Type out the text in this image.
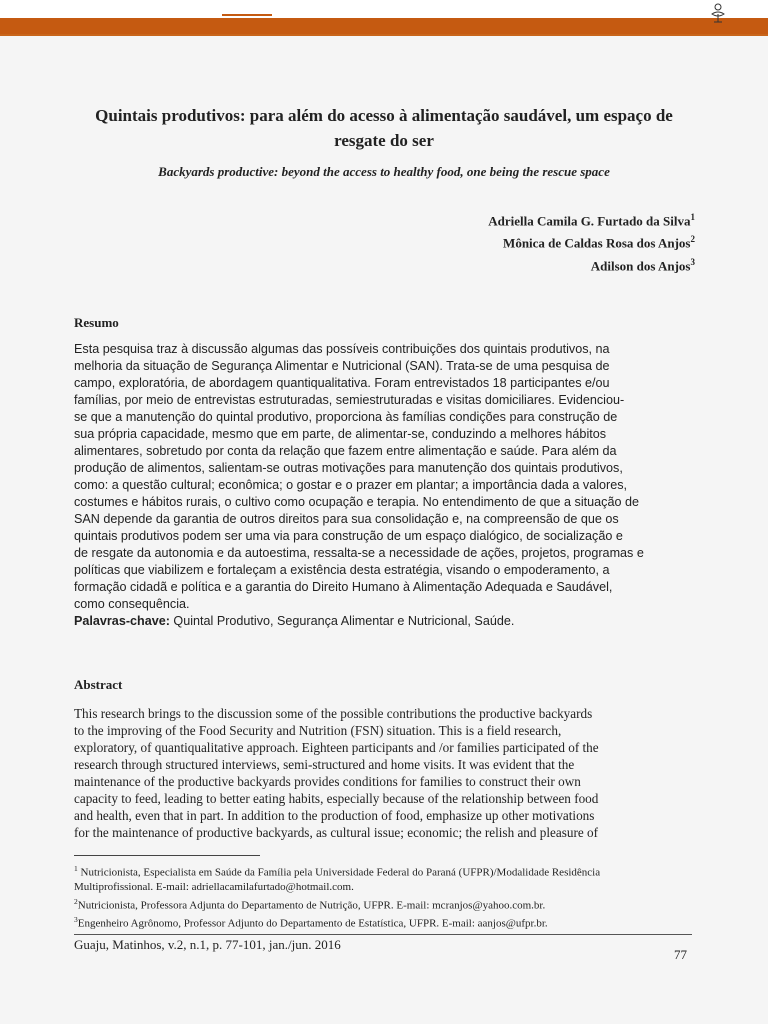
Quintais produtivos: para além do acesso à alimentação saudável, um espaço de
resgate do ser
Backyards productive: beyond the access to healthy food, one being the rescue space
Adriella Camila G. Furtado da Silva$^1$
Mônica de Caldas Rosa dos Anjos$^2$
Adilson dos Anjos$^3$
Resumo
Esta pesquisa traz à discussão algumas das possíveis contribuições dos quintais produtivos, na
melhoria da situação de Segurança Alimentar e Nutricional (SAN). Trata-se de uma pesquisa de
campo, exploratória, de abordagem quantiqualitativa. Foram entrevistados 18 participantes e/ou
famílias, por meio de entrevistas estruturadas, semiestruturadas e visitas domiciliares. Evidenciou-
se que a manutenção do quintal produtivo, proporciona às famílias condições para construção de
sua própria capacidade, mesmo que em parte, de alimentar-se, conduzindo a melhores hábitos
alimentares, sobretudo por conta da relação que fazem entre alimentação e saúde. Para além da
produção de alimentos, salientam-se outras motivações para manutenção dos quintais produtivos,
como: a questão cultural; econômica; o gostar e o prazer em plantar; a importância dada a valores,
costumes e hábitos rurais, o cultivo como ocupação e terapia. No entendimento de que a situação de
SAN depende da garantia de outros direitos para sua consolidação e, na compreensão de que os
quintais produtivos podem ser uma via para construção de um espaço dialógico, de socialização e
de resgate da autonomia e da autoestima, ressalta-se a necessidade de ações, projetos, programas e
políticas que viabilizem e fortaleçam a existência desta estratégia, visando o empoderamento, a
formação cidadã e política e a garantia do Direito Humano à Alimentação Adequada e Saudável,
como consequência.
Palavras-chave: Quintal Produtivo, Segurança Alimentar e Nutricional, Saúde.
Abstract
This research brings to the discussion some of the possible contributions the productive backyards
to the improving of the Food Security and Nutrition (FSN) situation. This is a field research,
exploratory, of quantiqualitative approach. Eighteen participants and /or families participated of the
research through structured interviews, semi-structured and home visits. It was evident that the
maintenance of the productive backyards provides conditions for families to construct their own
capacity to feed, leading to better eating habits, especially because of the relationship between food
and health, even that in part. In addition to the production of food, emphasize up other motivations
for the maintenance of productive backyards, as cultural issue; economic; the relish and pleasure of
$^1$ Nutricionista, Especialista em Saúde da Família pela Universidade Federal do Paraná (UFPR)/Modalidade Residência
Multiprofissional. E-mail: adriellacamilafurtado@hotmail.com.
$^2$Nutricionista, Professora Adjunta do Departamento de Nutrição, UFPR. E-mail: mcranjos@yahoo.com.br.
$^3$Engenheiro Agrônomo, Professor Adjunto do Departamento de Estatística, UFPR. E-mail: aanjos@ufpr.br.
Guaju, Matinhos, v.2, n.1, p. 77-101, jan./jun. 2016
77
